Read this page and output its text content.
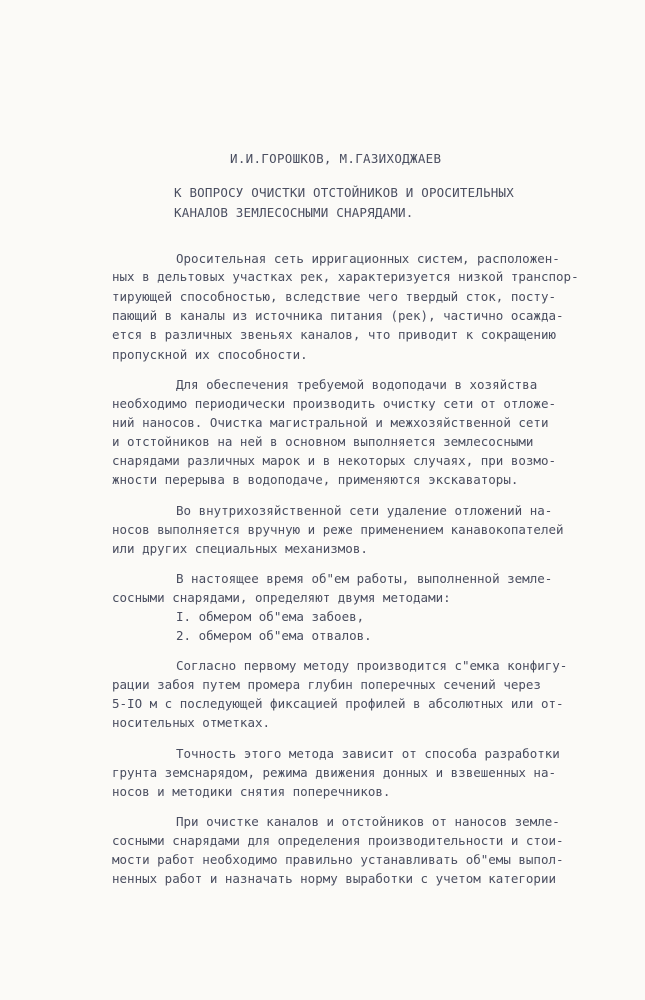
И.И.ГОРОШКОВ, М.ГАЗИХОДЖАЕВ

К ВОПРОСУ ОЧИСТКИ ОТСТОЙНИКОВ И ОРОСИТЕЛЬНЫХ

КАНАЛОВ ЗЕМЛЕСОСНЫМИ СНАРЯДАМИ.

Оросительная сеть ирригационных систем, расположен-

ных в дельтовых участках рек, характеризуется низкой транспор-

тирующей способностью, вследствие чего твердый сток, посту-

пающий в каналы из источника питания (рек), частично осажда-

ется в различных звеньях каналов, что приводит к сокращению

пропускной их способности.

Для обеспечения требуемой водоподачи в хозяйства

необходимо периодически производить очистку сети от отложе-

ний наносов. Очистка магистральной и межхозяйственной сети

и отстойников на ней в основном выполняется землесосными

снарядами различных марок и в некоторых случаях, при возмо-

жности перерыва в водоподаче, применяются экскаваторы.

Во внутрихозяйственной сети удаление отложений на-

носов выполняется вручную и реже применением канавокопателей

или других специальных механизмов.

В настоящее время об"ем работы, выполненной земле-

сосными снарядами, определяют двумя методами:

I. обмером об"ема забоев,

2. обмером об"ема отвалов.

Согласно первому методу производится с"емка конфигу-

рации забоя путем промера глубин поперечных сечений через

5-IO м с последующей фиксацией профилей в абсолютных или от-

носительных отметках.

Точность этого метода зависит от способа разработки

грунта земснарядом, режима движения донных и взвешенных на-

носов и методики снятия поперечников.

При очистке каналов и отстойников от наносов земле-

сосными снарядами для определения производительности и стои-

мости работ необходимо правильно устанавливать об"емы выпол-

ненных работ и назначать норму выработки с учетом категории
